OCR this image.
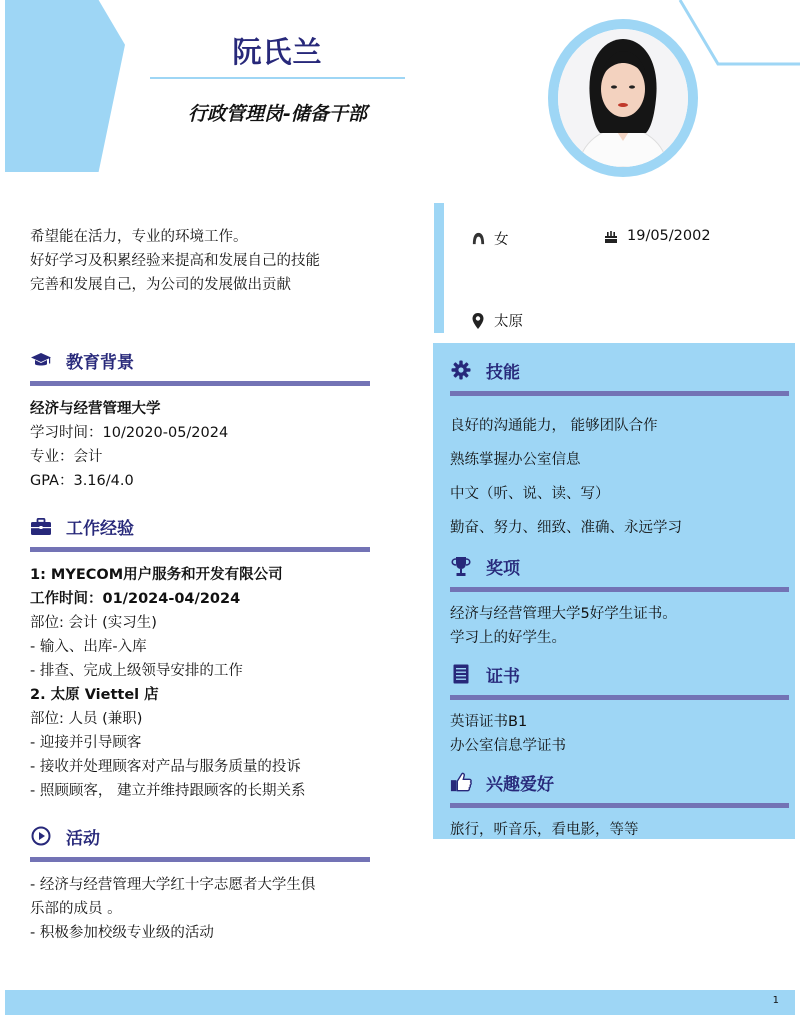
阮氏兰
行政管理岗-储备干部
希望能在活力，专业的环境工作。
好好学习及积累经验来提高和发展自己的技能
完善和发展自己，为公司的发展做出贡献
女	19/05/2002
太原
教育背景
经济与经营管理大学
学习时间：10/2020-05/2024
专业：会计
GPA：3.16/4.0
工作经验
1: MYECOM用户服务和开发有限公司
工作时间：01/2024-04/2024
部位: 会计 (实习生)
- 输入、出库-入库
- 排查、完成上级领导安排的工作
2. 太原 Viettel 店
部位: 人员 (兼职)
- 迎接并引导顾客
- 接收并处理顾客对产品与服务质量的投诉
- 照顾顾客， 建立并维持跟顾客的长期关系
活动
- 经济与经营管理大学红十字志愿者大学生俱
乐部的成员 。
- 积极参加校级专业级的活动
技能
良好的沟通能力， 能够团队合作
熟练掌握办公室信息
中文（听、说、读、写）
勤奋、努力、细致、准确、永远学习
奖项
经济与经营管理大学5好学生证书。
学习上的好学生。
证书
英语证书B1
办公室信息学证书
兴趣爱好
旅行，听音乐，看电影，等等
1
